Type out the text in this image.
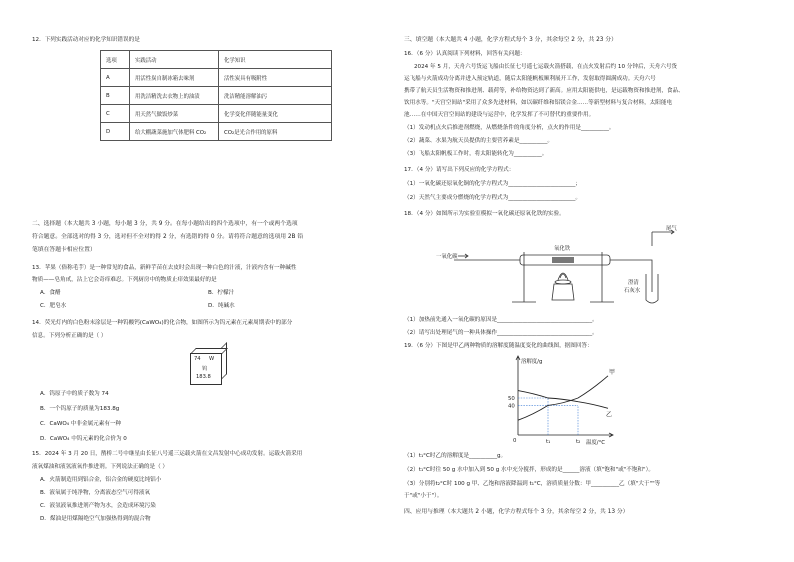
12．下列实践活动对应的化学知识错误的是
选项	实践活动	化学知识
A	用活性炭自制冰箱去味剂	活性炭具有吸附性
B	用洗洁精洗去衣物上的油渍	洗洁精能溶解油污
C	用天然气做饭炒菜	化学变化伴随能量变化
D	给大棚蔬菜施加气体肥料 CO₂	CO₂是光合作用的原料
二、选择题（本大题共 3 小题，每小题 3 分，共 9 分。在每小题给出的四个选项中，有一个或两个选项
符合题意。全部选对的得 3 分，选对但不全对的得 2 分，有选错的得 0 分。请将符合题意的选项用 2B 铅
笔填在答题卡相应位置）
13．苹果（俗称毛芋）是一种常见的食品，新鲜芋苗在去皮时会出现一种白色的汁液，汁液内含有一种碱性
物质——皂角甙，沾上它会奇痒难忍。下列厨房中的物质止痒效果最好的是
A．食醋	B．柠檬汁
C．肥皂水	D．纯碱水
14．荧光灯内的白色粉末涂层是一种钨酸钙(CaWO₄)的化合物，如图所示为钨元素在元素周期表中的部分
信息。下列分析正确的是（ ）
74 W
钨
183.8
A．钨原子中的质子数为 74
B．一个钨原子的质量为183.8g
C．CaWO₄ 中非金属元素有一种
D．CaWO₄ 中钨元素的化合价为 0
15．2024 年 3 月 20 日，鹊桥二号中继星由长征八号遥三运载火箭在文昌发射中心成功发射。运载火箭采用
液氧煤油和液氢液氧作推进剂。下列说法正确的是（ ）
A．火箭制造用到铝合金，铝合金的硬度比纯铝小
B．液氧属于纯净物，分离液态空气可得液氧
C．液氢液氧推进剂产物为水，会造成环境污染
D．煤油是用煤隔绝空气加强热得到的混合物
三、填空题（本大题共 4 小题，化学方程式每个 3 分，其余每空 2 分，共 23 分）
16．（6 分）认真阅读下列材料，回答有关问题：
2024 年 5 月，天舟六号货运飞船由长征七号遥七运载火箭搭载，在点火发射后约 10 分钟后，天舟六号货
运飞船与火箭成功分离并进入预定轨道，随后太阳能帆板顺利展开工作，发射取得圆满成功。天舟六号
携带了航天员生活物资和推进剂、载荷等，补给物资达到了新高。应用太阳能供电，是运载物资和推进剂，食品、
饮用水等。"天宫空间站"采用了众多先进材料，如以碳纤维和铝镁合金……等新型材料与复合材料，太阳能电
池……在中国天宫空间站的建设与运营中，化学发挥了不可替代的重要作用。
（1）发动机点火后推进剂燃烧，从燃烧条件的角度分析，点火的作用是__________。
（2）蔬菜、水果为航天员提供的主要营养素是__________。
（3）飞船太阳帆板工作时，将太阳能转化为__________。
17．（4 分）请写出下列反应的化学方程式：
（1）一氧化碳还原氧化铜的化学方程式为________________________；
（2）天然气主要成分燃烧的化学方程式为________________________。
18．（4 分）如图所示为实验室模拟一氧化碳还原氧化铁的实验。
一氧化碳
氧化铁
尾气
澄清
石灰水
（1）加热前先通入一氧化碳的原因是__________________________________。
（2）请写出处理尾气的一种具体操作__________________________________。
19．（6 分）下图是甲乙两种物质的溶解度随温度变化的曲线图，据图回答：
溶解度/g
温度/°C
0
40
50
t₁	t₂
甲
乙
（1）t₁°C时乙的溶解度是__________g。
（2）t₁°C时往 50 g 水中加入到 50 g 水中充分搅拌，形成的是______溶液（填"饱和"或"不饱和"）。
（3）分别将t₂°C时 100 g 甲、乙饱和溶液降温到 t₁°C，溶质质量分数：甲__________乙（填"大于""等
于"或"小于"）。
四、应用与推理（本大题共 2 小题，化学方程式每个 3 分，其余每空 2 分，共 13 分）
